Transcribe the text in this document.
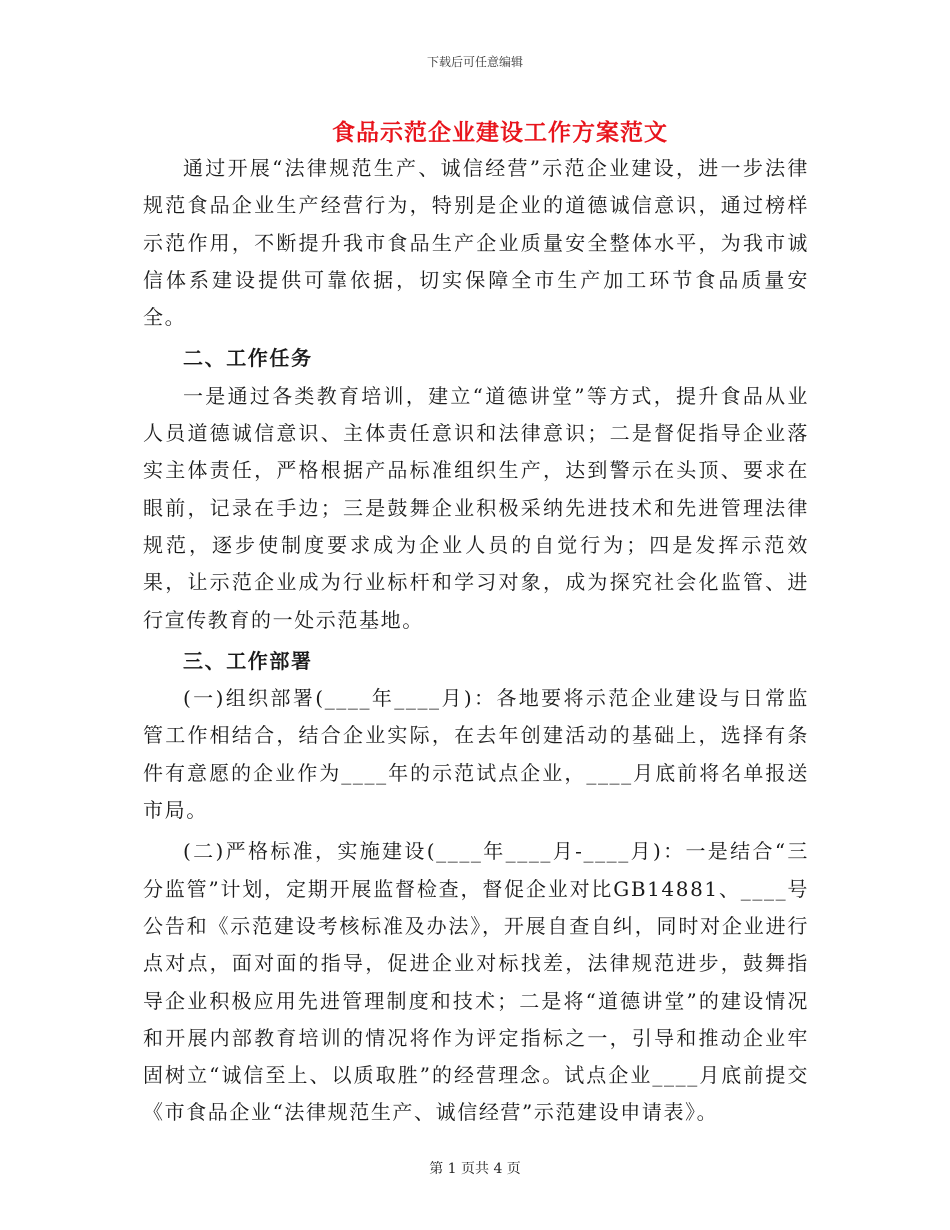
下载后可任意编辑
食品示范企业建设工作方案范文

通过开展“法律规范生产、诚信经营”示范企业建设，进一步法律规范食品企业生产经营行为，特别是企业的道德诚信意识，通过榜样示范作用，不断提升我市食品生产企业质量安全整体水平，为我市诚信体系建设提供可靠依据，切实保障全市生产加工环节食品质量安全。

二、工作任务

一是通过各类教育培训，建立“道德讲堂”等方式，提升食品从业人员道德诚信意识、主体责任意识和法律意识；二是督促指导企业落实主体责任，严格根据产品标准组织生产，达到警示在头顶、要求在眼前，记录在手边；三是鼓舞企业积极采纳先进技术和先进管理法律规范，逐步使制度要求成为企业人员的自觉行为；四是发挥示范效果，让示范企业成为行业标杆和学习对象，成为探究社会化监管、进行宣传教育的一处示范基地。

三、工作部署

(一)组织部署(____年____月)：各地要将示范企业建设与日常监管工作相结合，结合企业实际，在去年创建活动的基础上，选择有条件有意愿的企业作为____年的示范试点企业，____月底前将名单报送市局。

(二)严格标准，实施建设(____年____月-____月)：一是结合“三分监管”计划，定期开展监督检查，督促企业对比GB14881、____号公告和《示范建设考核标准及办法》，开展自查自纠，同时对企业进行点对点，面对面的指导，促进企业对标找差，法律规范进步，鼓舞指导企业积极应用先进管理制度和技术；二是将“道德讲堂”的建设情况和开展内部教育培训的情况将作为评定指标之一，引导和推动企业牢固树立“诚信至上、以质取胜”的经营理念。试点企业____月底前提交《市食品企业“法律规范生产、诚信经营”示范建设申请表》。

第 1 页共 4 页
